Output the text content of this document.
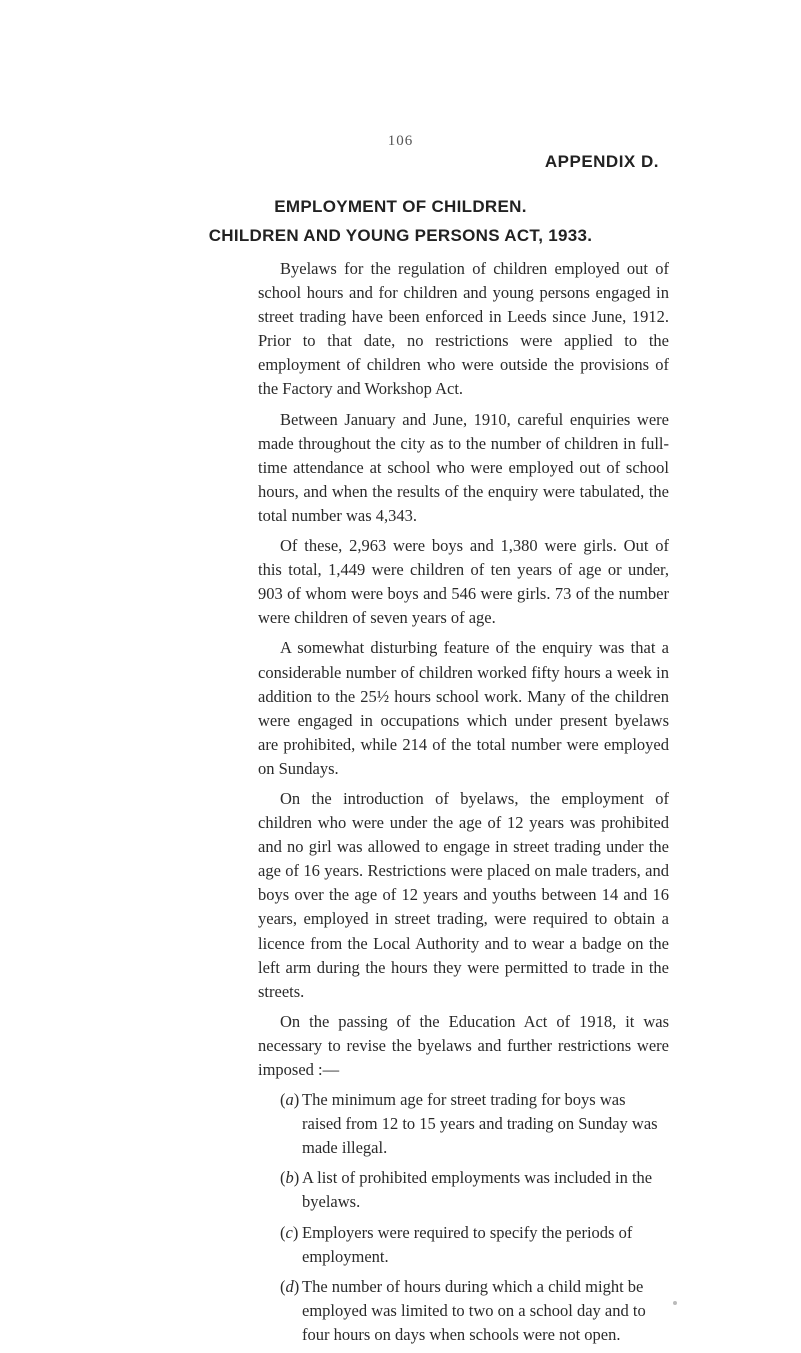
106
APPENDIX D.
EMPLOYMENT OF CHILDREN.
CHILDREN AND YOUNG PERSONS ACT, 1933.

Byelaws for the regulation of children employed out of school hours and for children and young persons engaged in street trading have been enforced in Leeds since June, 1912. Prior to that date, no restrictions were applied to the employment of children who were outside the provisions of the Factory and Workshop Act.

Between January and June, 1910, careful enquiries were made throughout the city as to the number of children in full-time attendance at school who were employed out of school hours, and when the results of the enquiry were tabulated, the total number was 4,343.

Of these, 2,963 were boys and 1,380 were girls. Out of this total, 1,449 were children of ten years of age or under, 903 of whom were boys and 546 were girls. 73 of the number were children of seven years of age.

A somewhat disturbing feature of the enquiry was that a considerable number of children worked fifty hours a week in addition to the 25½ hours school work. Many of the children were engaged in occupations which under present byelaws are prohibited, while 214 of the total number were employed on Sundays.

On the introduction of byelaws, the employment of children who were under the age of 12 years was prohibited and no girl was allowed to engage in street trading under the age of 16 years. Restrictions were placed on male traders, and boys over the age of 12 years and youths between 14 and 16 years, employed in street trading, were required to obtain a licence from the Local Authority and to wear a badge on the left arm during the hours they were permitted to trade in the streets.

On the passing of the Education Act of 1918, it was necessary to revise the byelaws and further restrictions were imposed :—

(a) The minimum age for street trading for boys was raised from 12 to 15 years and trading on Sunday was made illegal.
(b) A list of prohibited employments was included in the byelaws.
(c) Employers were required to specify the periods of employment.
(d) The number of hours during which a child might be employed was limited to two on a school day and to four hours on days when schools were not open.
